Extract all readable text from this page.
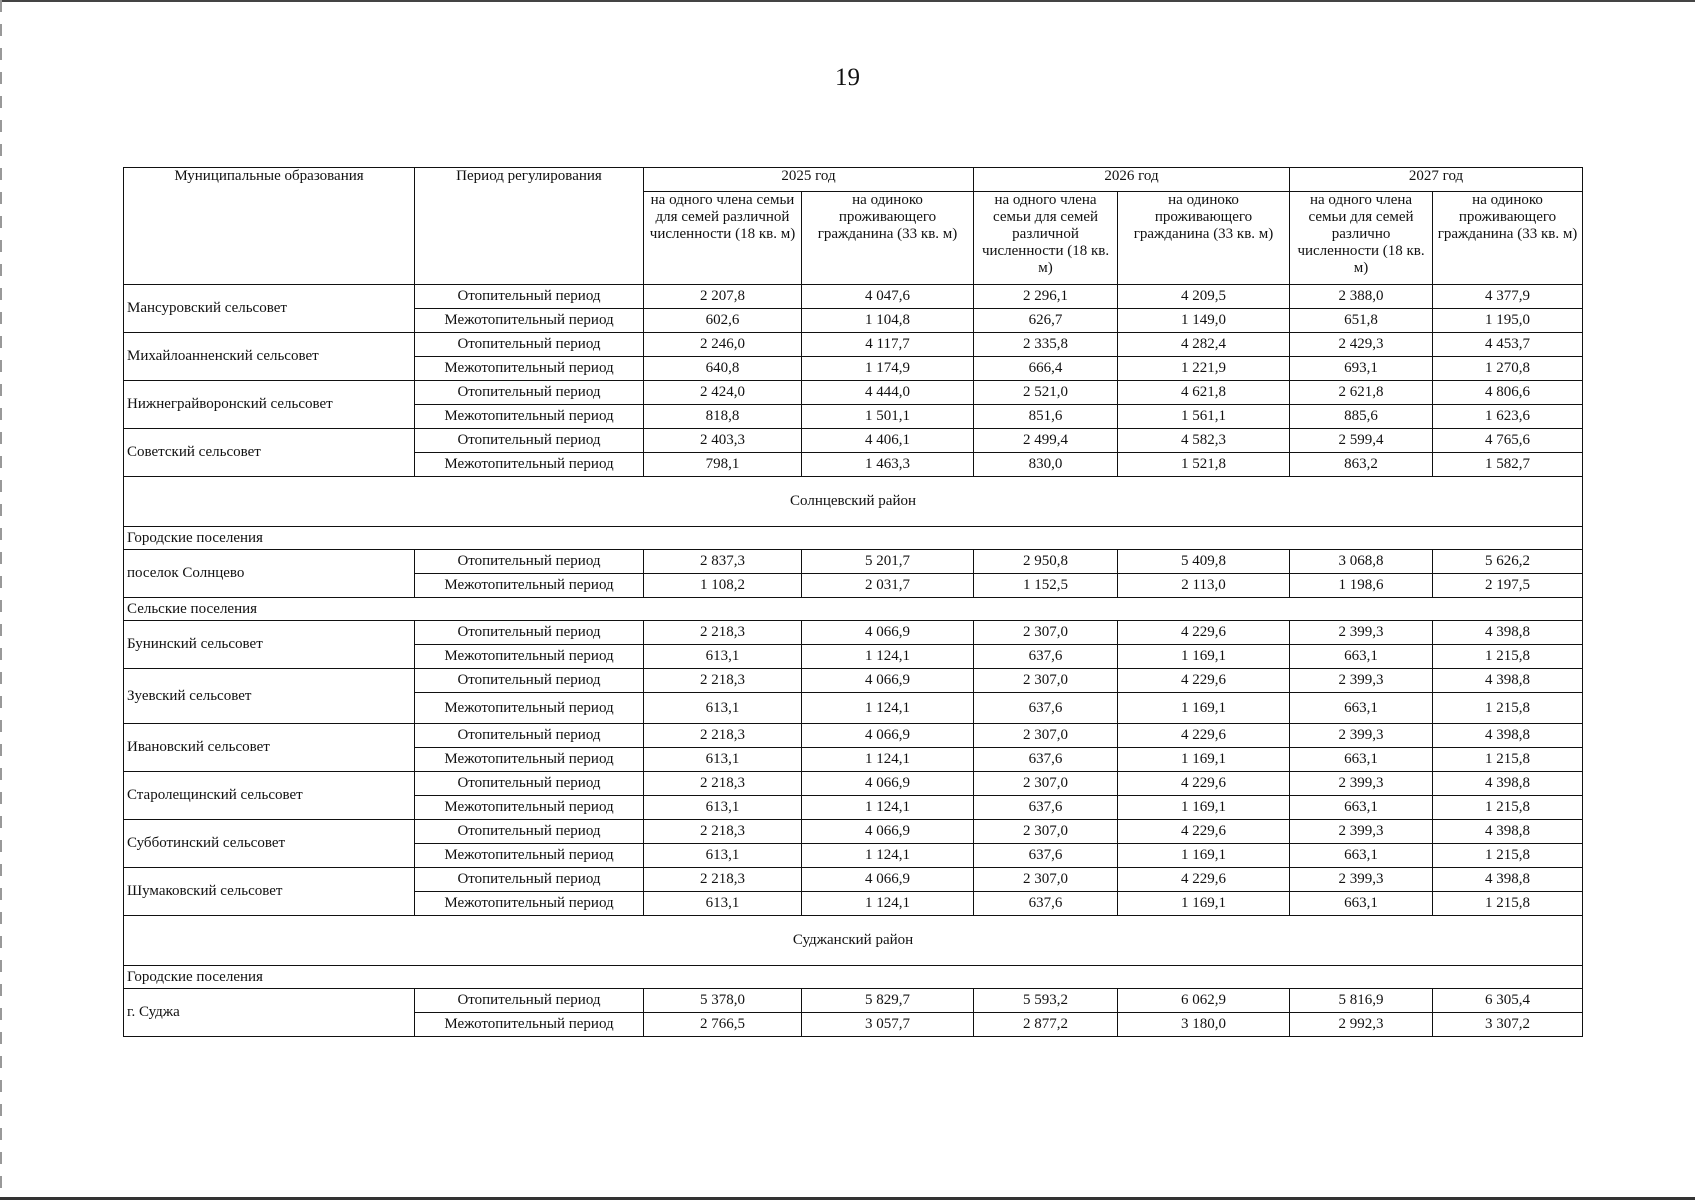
19
Муниципальные образования	Период регулирования	2025 год		2026 год		2027 год	
		на одного члена семьи для семей различной численности (18 кв. м)	на одиноко проживающего гражданина (33 кв. м)	на одного члена семьи для семей различной численности (18 кв. м)	на одиноко проживающего гражданина (33 кв. м)	на одного члена семьи для семей различно численности (18 кв. м)	на одиноко проживающего гражданина (33 кв. м)
Мансуровский сельсовет	Отопительный период	2 207,8	4 047,6	2 296,1	4 209,5	2 388,0	4 377,9
	Межотопительный период	602,6	1 104,8	626,7	1 149,0	651,8	1 195,0
Михайлоанненский сельсовет	Отопительный период	2 246,0	4 117,7	2 335,8	4 282,4	2 429,3	4 453,7
	Межотопительный период	640,8	1 174,9	666,4	1 221,9	693,1	1 270,8
Нижнеграйворонский сельсовет	Отопительный период	2 424,0	4 444,0	2 521,0	4 621,8	2 621,8	4 806,6
	Межотопительный период	818,8	1 501,1	851,6	1 561,1	885,6	1 623,6
Советский сельсовет	Отопительный период	2 403,3	4 406,1	2 499,4	4 582,3	2 599,4	4 765,6
	Межотопительный период	798,1	1 463,3	830,0	1 521,8	863,2	1 582,7
Солнцевский район							
Городские поселения							
поселок Солнцево	Отопительный период	2 837,3	5 201,7	2 950,8	5 409,8	3 068,8	5 626,2
	Межотопительный период	1 108,2	2 031,7	1 152,5	2 113,0	1 198,6	2 197,5
Сельские поселения							
Бунинский сельсовет	Отопительный период	2 218,3	4 066,9	2 307,0	4 229,6	2 399,3	4 398,8
	Межотопительный период	613,1	1 124,1	637,6	1 169,1	663,1	1 215,8
Зуевский сельсовет	Отопительный период	2 218,3	4 066,9	2 307,0	4 229,6	2 399,3	4 398,8
	Межотопительный период	613,1	1 124,1	637,6	1 169,1	663,1	1 215,8
Ивановский сельсовет	Отопительный период	2 218,3	4 066,9	2 307,0	4 229,6	2 399,3	4 398,8
	Межотопительный период	613,1	1 124,1	637,6	1 169,1	663,1	1 215,8
Старолещинский сельсовет	Отопительный период	2 218,3	4 066,9	2 307,0	4 229,6	2 399,3	4 398,8
	Межотопительный период	613,1	1 124,1	637,6	1 169,1	663,1	1 215,8
Субботинский сельсовет	Отопительный период	2 218,3	4 066,9	2 307,0	4 229,6	2 399,3	4 398,8
	Межотопительный период	613,1	1 124,1	637,6	1 169,1	663,1	1 215,8
Шумаковский сельсовет	Отопительный период	2 218,3	4 066,9	2 307,0	4 229,6	2 399,3	4 398,8
	Межотопительный период	613,1	1 124,1	637,6	1 169,1	663,1	1 215,8
Суджанский район							
Городские поселения							
г. Суджа	Отопительный период	5 378,0	5 829,7	5 593,2	6 062,9	5 816,9	6 305,4
	Межотопительный период	2 766,5	3 057,7	2 877,2	3 180,0	2 992,3	3 307,2
